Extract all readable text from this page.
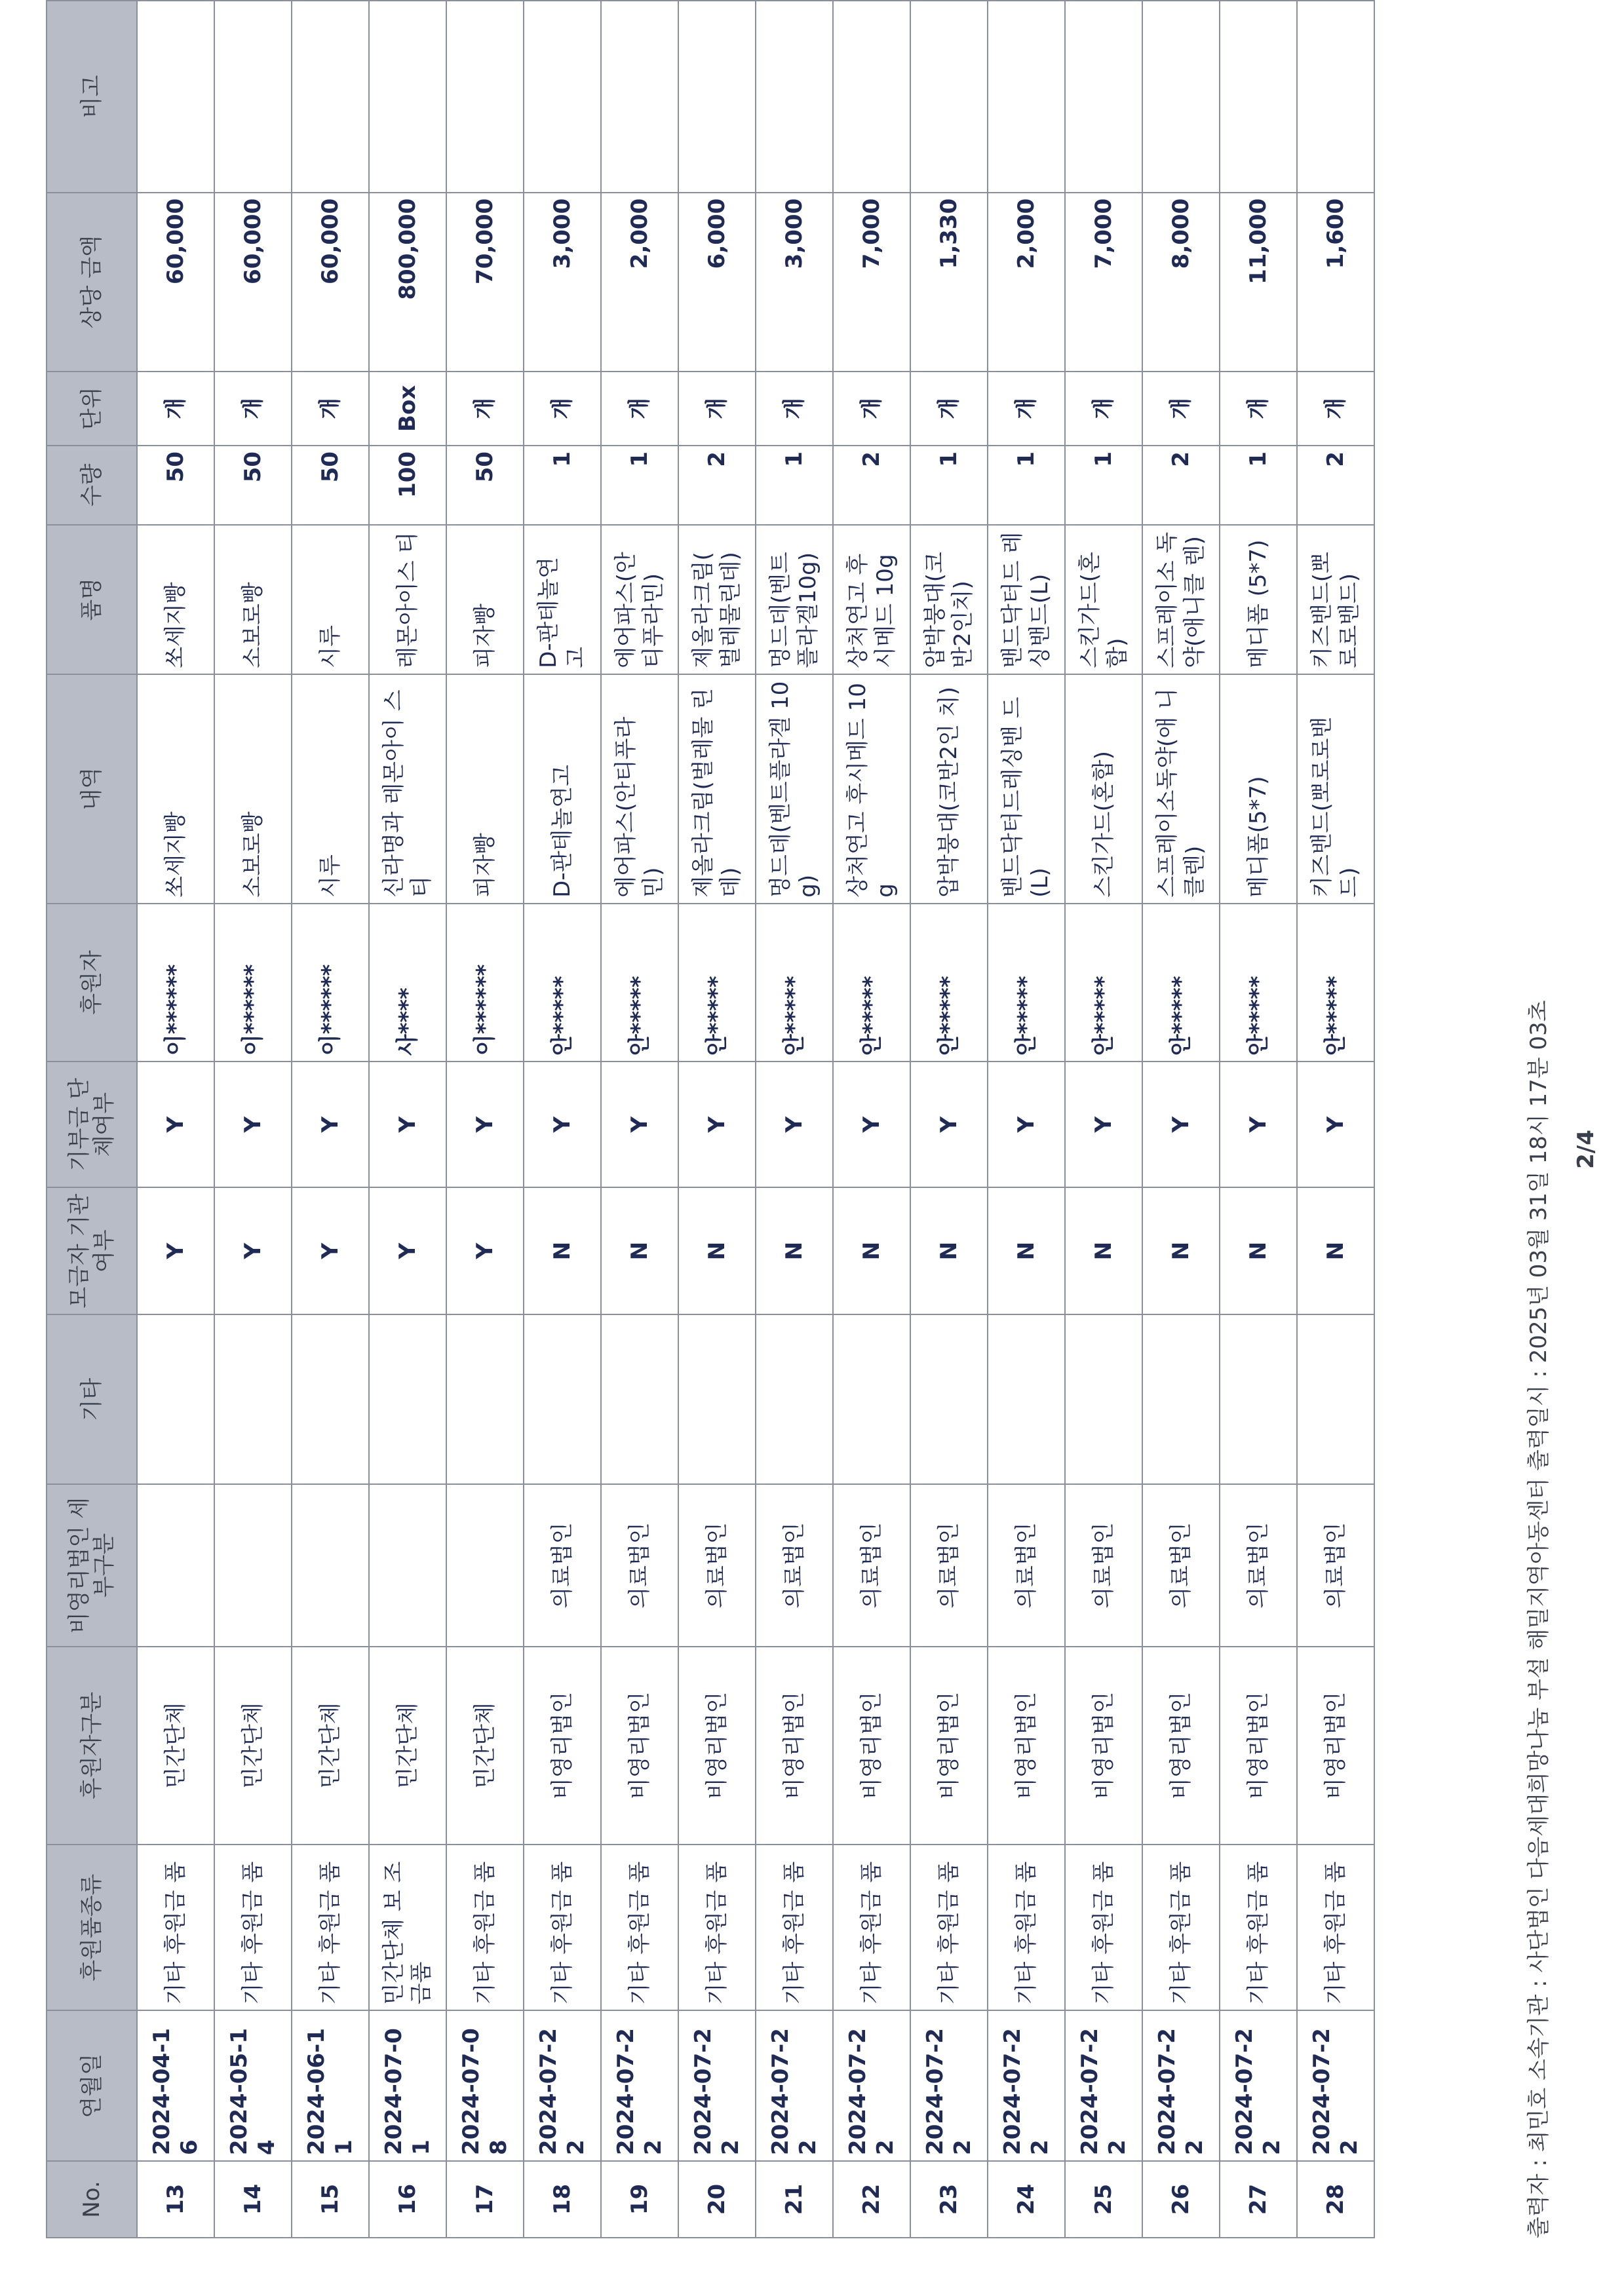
No.	연월일	후원품종류	후원자구분	비영리법인 세부구분	기타	모금자 기관여부	기부금 단체여부	후원자	내역	품명	수량	단위	상당 금액	비고
13	2024-04-1 6	기타 후원금 품	민간단체			Y	Y	이******	쏘세지빵	쏘세지빵	50	개	60,000	
14	2024-05-1 4	기타 후원금 품	민간단체			Y	Y	이******	소보로빵	소보로빵	50	개	60,000	
15	2024-06-1 1	기타 후원금 품	민간단체			Y	Y	이******	시루	시루	50	개	60,000	
16	2024-07-0 1	민간단체 보 조금품	민간단체			Y	Y	사****	신라명과 레몬아이 스티	레몬아이스 티	100	Box	800,000	
17	2024-07-0 8	기타 후원금 품	민간단체			Y	Y	이******	피자빵	피자빵	50	개	70,000	
18	2024-07-2 2	기타 후원금 품	비영리법인	의료법인		N	Y	안*****	D-판테놀연고	D-판테놀연 고	1	개	3,000	
19	2024-07-2 2	기타 후원금 품	비영리법인	의료법인		N	Y	안*****	에어파스(안티푸라 민)	에어파스(안 티푸라민)	1	개	2,000	
20	2024-07-2 2	기타 후원금 품	비영리법인	의료법인		N	Y	안*****	제올라크림(벌레물 린데)	제올라크림( 벌레물린데)	2	개	6,000	
21	2024-07-2 2	기타 후원금 품	비영리법인	의료법인		N	Y	안*****	멍드데(벤트플라겔 10g)	멍드데(벤트 플라겔10g)	1	개	3,000	
22	2024-07-2 2	기타 후원금 품	비영리법인	의료법인		N	Y	안*****	상처연고 후시메드 10g	상처연고 후 시메드 10g	2	개	7,000	
23	2024-07-2 2	기타 후원금 품	비영리법인	의료법인		N	Y	안*****	압박붕대(코반2인 치)	압박붕대(코 반2인치)	1	개	1,330	
24	2024-07-2 2	기타 후원금 품	비영리법인	의료법인		N	Y	안*****	밴드닥터드레싱밴 드(L)	밴드닥터드 레싱밴드(L)	1	개	2,000	
25	2024-07-2 2	기타 후원금 품	비영리법인	의료법인		N	Y	안*****	스킨가드(혼합)	스킨가드(혼 합)	1	개	7,000	
26	2024-07-2 2	기타 후원금 품	비영리법인	의료법인		N	Y	안*****	스프레이소독약(애 니클렌)	스프레이소 독약(애니클 렌)	2	개	8,000	
27	2024-07-2 2	기타 후원금 품	비영리법인	의료법인		N	Y	안*****	메디폼(5*7)	메디폼 (5*7)	1	개	11,000	
28	2024-07-2 2	기타 후원금 품	비영리법인	의료법인		N	Y	안*****	키즈밴드(뽀로로밴 드)	키즈밴드(뽀 로로밴드)	2	개	1,600	
출력자 : 최민호 소속기관 : 사단법인 다음세대희망나눔 부설 해밀지역아동센터 출력일시 : 2025년 03월 31일 18시 17분 03초 2/4
